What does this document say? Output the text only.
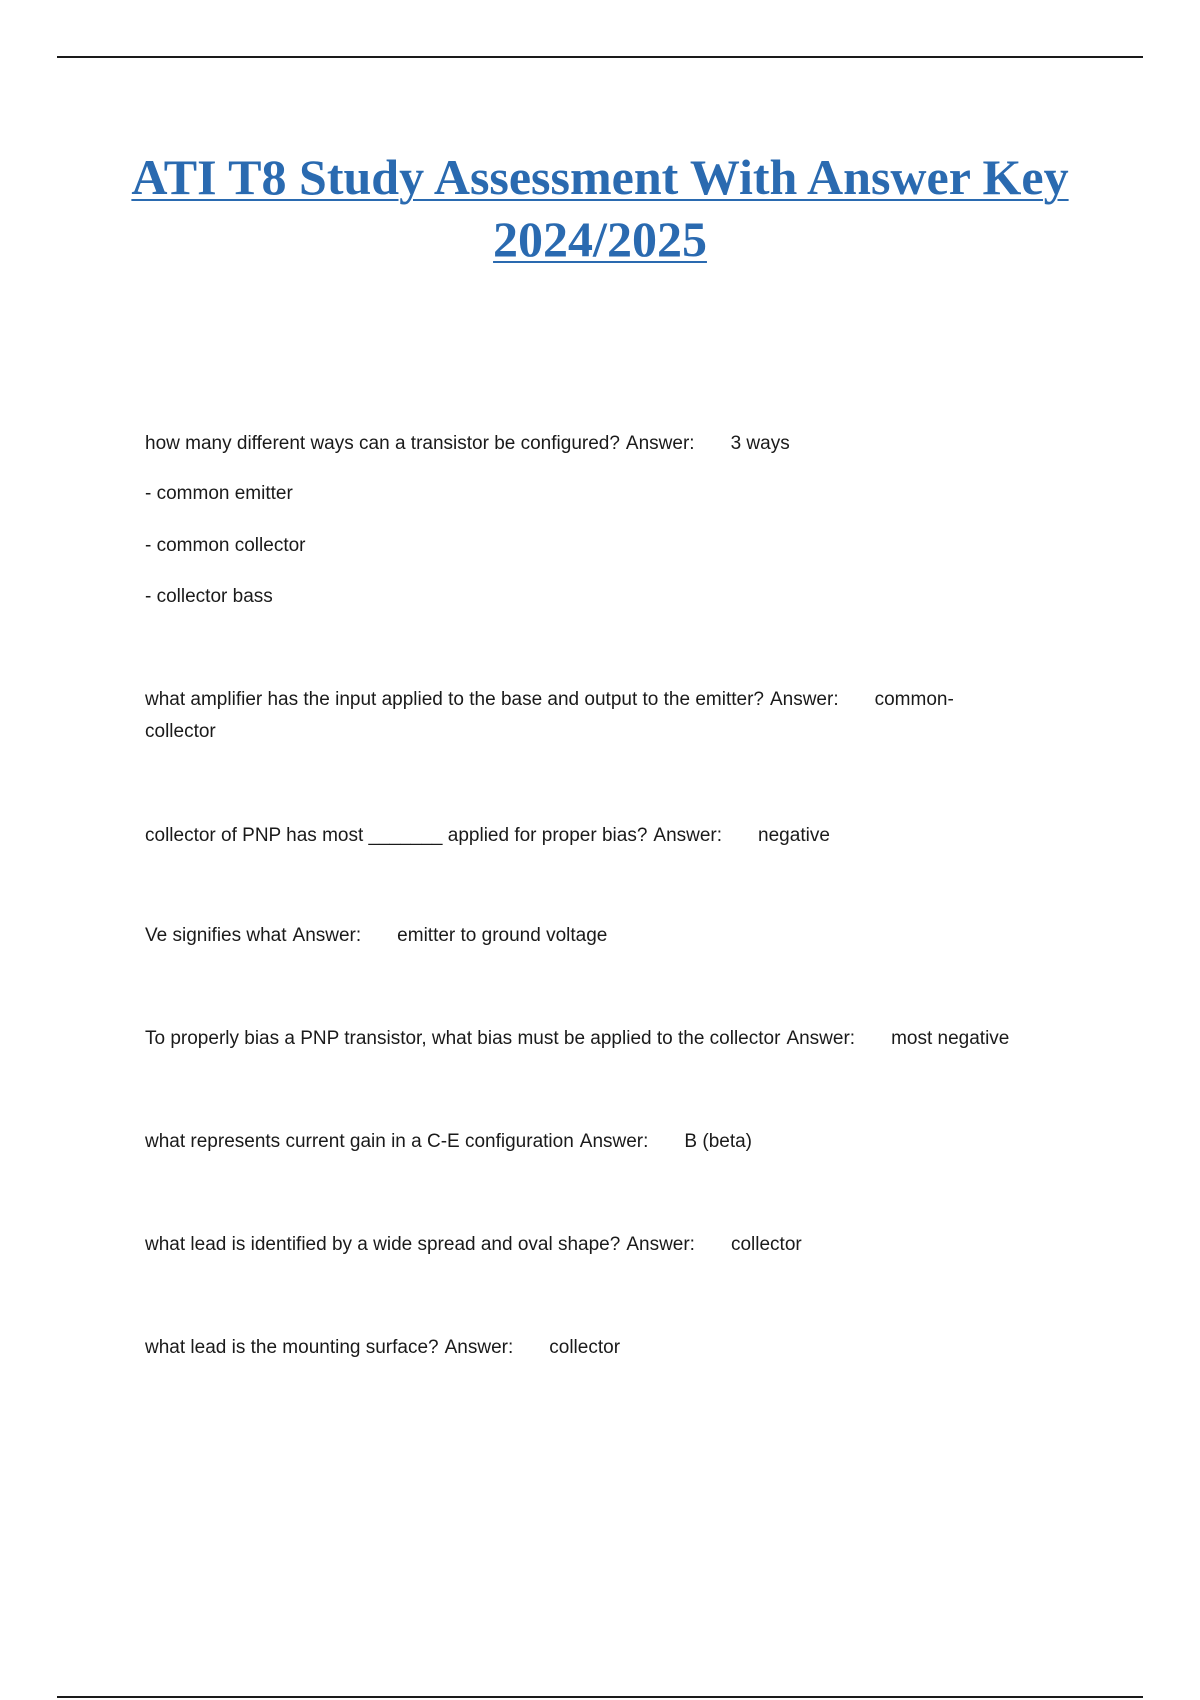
ATI T8 Study Assessment With Answer Key
2024/2025

how many different ways can a transistor be configured? Answer: 3 ways

- common emitter

- common collector

- collector bass

what amplifier has the input applied to the base and output to the emitter? Answer: common-
collector

collector of PNP has most _______ applied for proper bias? Answer: negative

Ve signifies what Answer: emitter to ground voltage

To properly bias a PNP transistor, what bias must be applied to the collector Answer: most negative

what represents current gain in a C-E configuration Answer: B (beta)

what lead is identified by a wide spread and oval shape? Answer: collector

what lead is the mounting surface? Answer: collector
